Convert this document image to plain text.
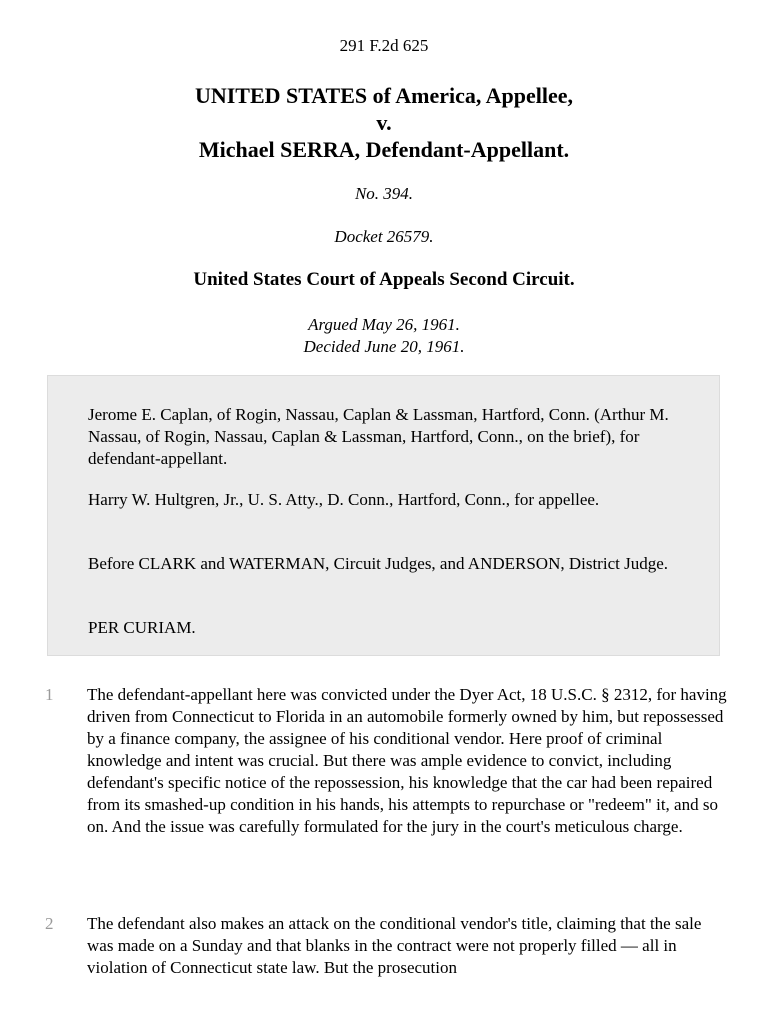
291 F.2d 625
UNITED STATES of America, Appellee,
v.
Michael SERRA, Defendant-Appellant.
No. 394.
Docket 26579.
United States Court of Appeals Second Circuit.
Argued May 26, 1961.
Decided June 20, 1961.

Jerome E. Caplan, of Rogin, Nassau, Caplan & Lassman, Hartford, Conn. (Arthur M. Nassau, of Rogin, Nassau, Caplan & Lassman, Hartford, Conn., on the brief), for defendant-appellant.

Harry W. Hultgren, Jr., U. S. Atty., D. Conn., Hartford, Conn., for appellee.

Before CLARK and WATERMAN, Circuit Judges, and ANDERSON, District Judge.

PER CURIAM.

1 The defendant-appellant here was convicted under the Dyer Act, 18 U.S.C. § 2312, for having driven from Connecticut to Florida in an automobile formerly owned by him, but repossessed by a finance company, the assignee of his conditional vendor. Here proof of criminal knowledge and intent was crucial. But there was ample evidence to convict, including defendant's specific notice of the repossession, his knowledge that the car had been repaired from its smashed-up condition in his hands, his attempts to repurchase or "redeem" it, and so on. And the issue was carefully formulated for the jury in the court's meticulous charge.

2 The defendant also makes an attack on the conditional vendor's title, claiming that the sale was made on a Sunday and that blanks in the contract were not properly filled — all in violation of Connecticut state law. But the prosecution
